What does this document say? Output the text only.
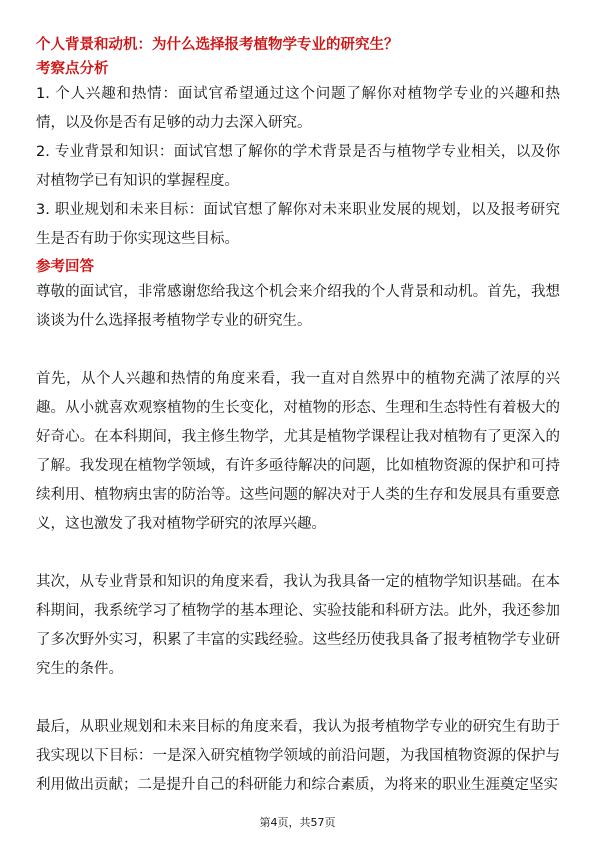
个人背景和动机：为什么选择报考植物学专业的研究生？
考察点分析
1. 个人兴趣和热情：面试官希望通过这个问题了解你对植物学专业的兴趣和热情，以及你是否有足够的动力去深入研究。
2. 专业背景和知识：面试官想了解你的学术背景是否与植物学专业相关，以及你对植物学已有知识的掌握程度。
3. 职业规划和未来目标：面试官想了解你对未来职业发展的规划，以及报考研究生是否有助于你实现这些目标。
参考回答
尊敬的面试官，非常感谢您给我这个机会来介绍我的个人背景和动机。首先，我想谈谈为什么选择报考植物学专业的研究生。
首先，从个人兴趣和热情的角度来看，我一直对自然界中的植物充满了浓厚的兴趣。从小就喜欢观察植物的生长变化，对植物的形态、生理和生态特性有着极大的好奇心。在本科期间，我主修生物学，尤其是植物学课程让我对植物有了更深入的了解。我发现在植物学领域，有许多亟待解决的问题，比如植物资源的保护和可持续利用、植物病虫害的防治等。这些问题的解决对于人类的生存和发展具有重要意义，这也激发了我对植物学研究的浓厚兴趣。
其次，从专业背景和知识的角度来看，我认为我具备一定的植物学知识基础。在本科期间，我系统学习了植物学的基本理论、实验技能和科研方法。此外，我还参加了多次野外实习，积累了丰富的实践经验。这些经历使我具备了报考植物学专业研究生的条件。
最后，从职业规划和未来目标的角度来看，我认为报考植物学专业的研究生有助于我实现以下目标：一是深入研究植物学领域的前沿问题，为我国植物资源的保护与利用做出贡献；二是提升自己的科研能力和综合素质，为将来的职业生涯奠定坚实
第4页，共57页
